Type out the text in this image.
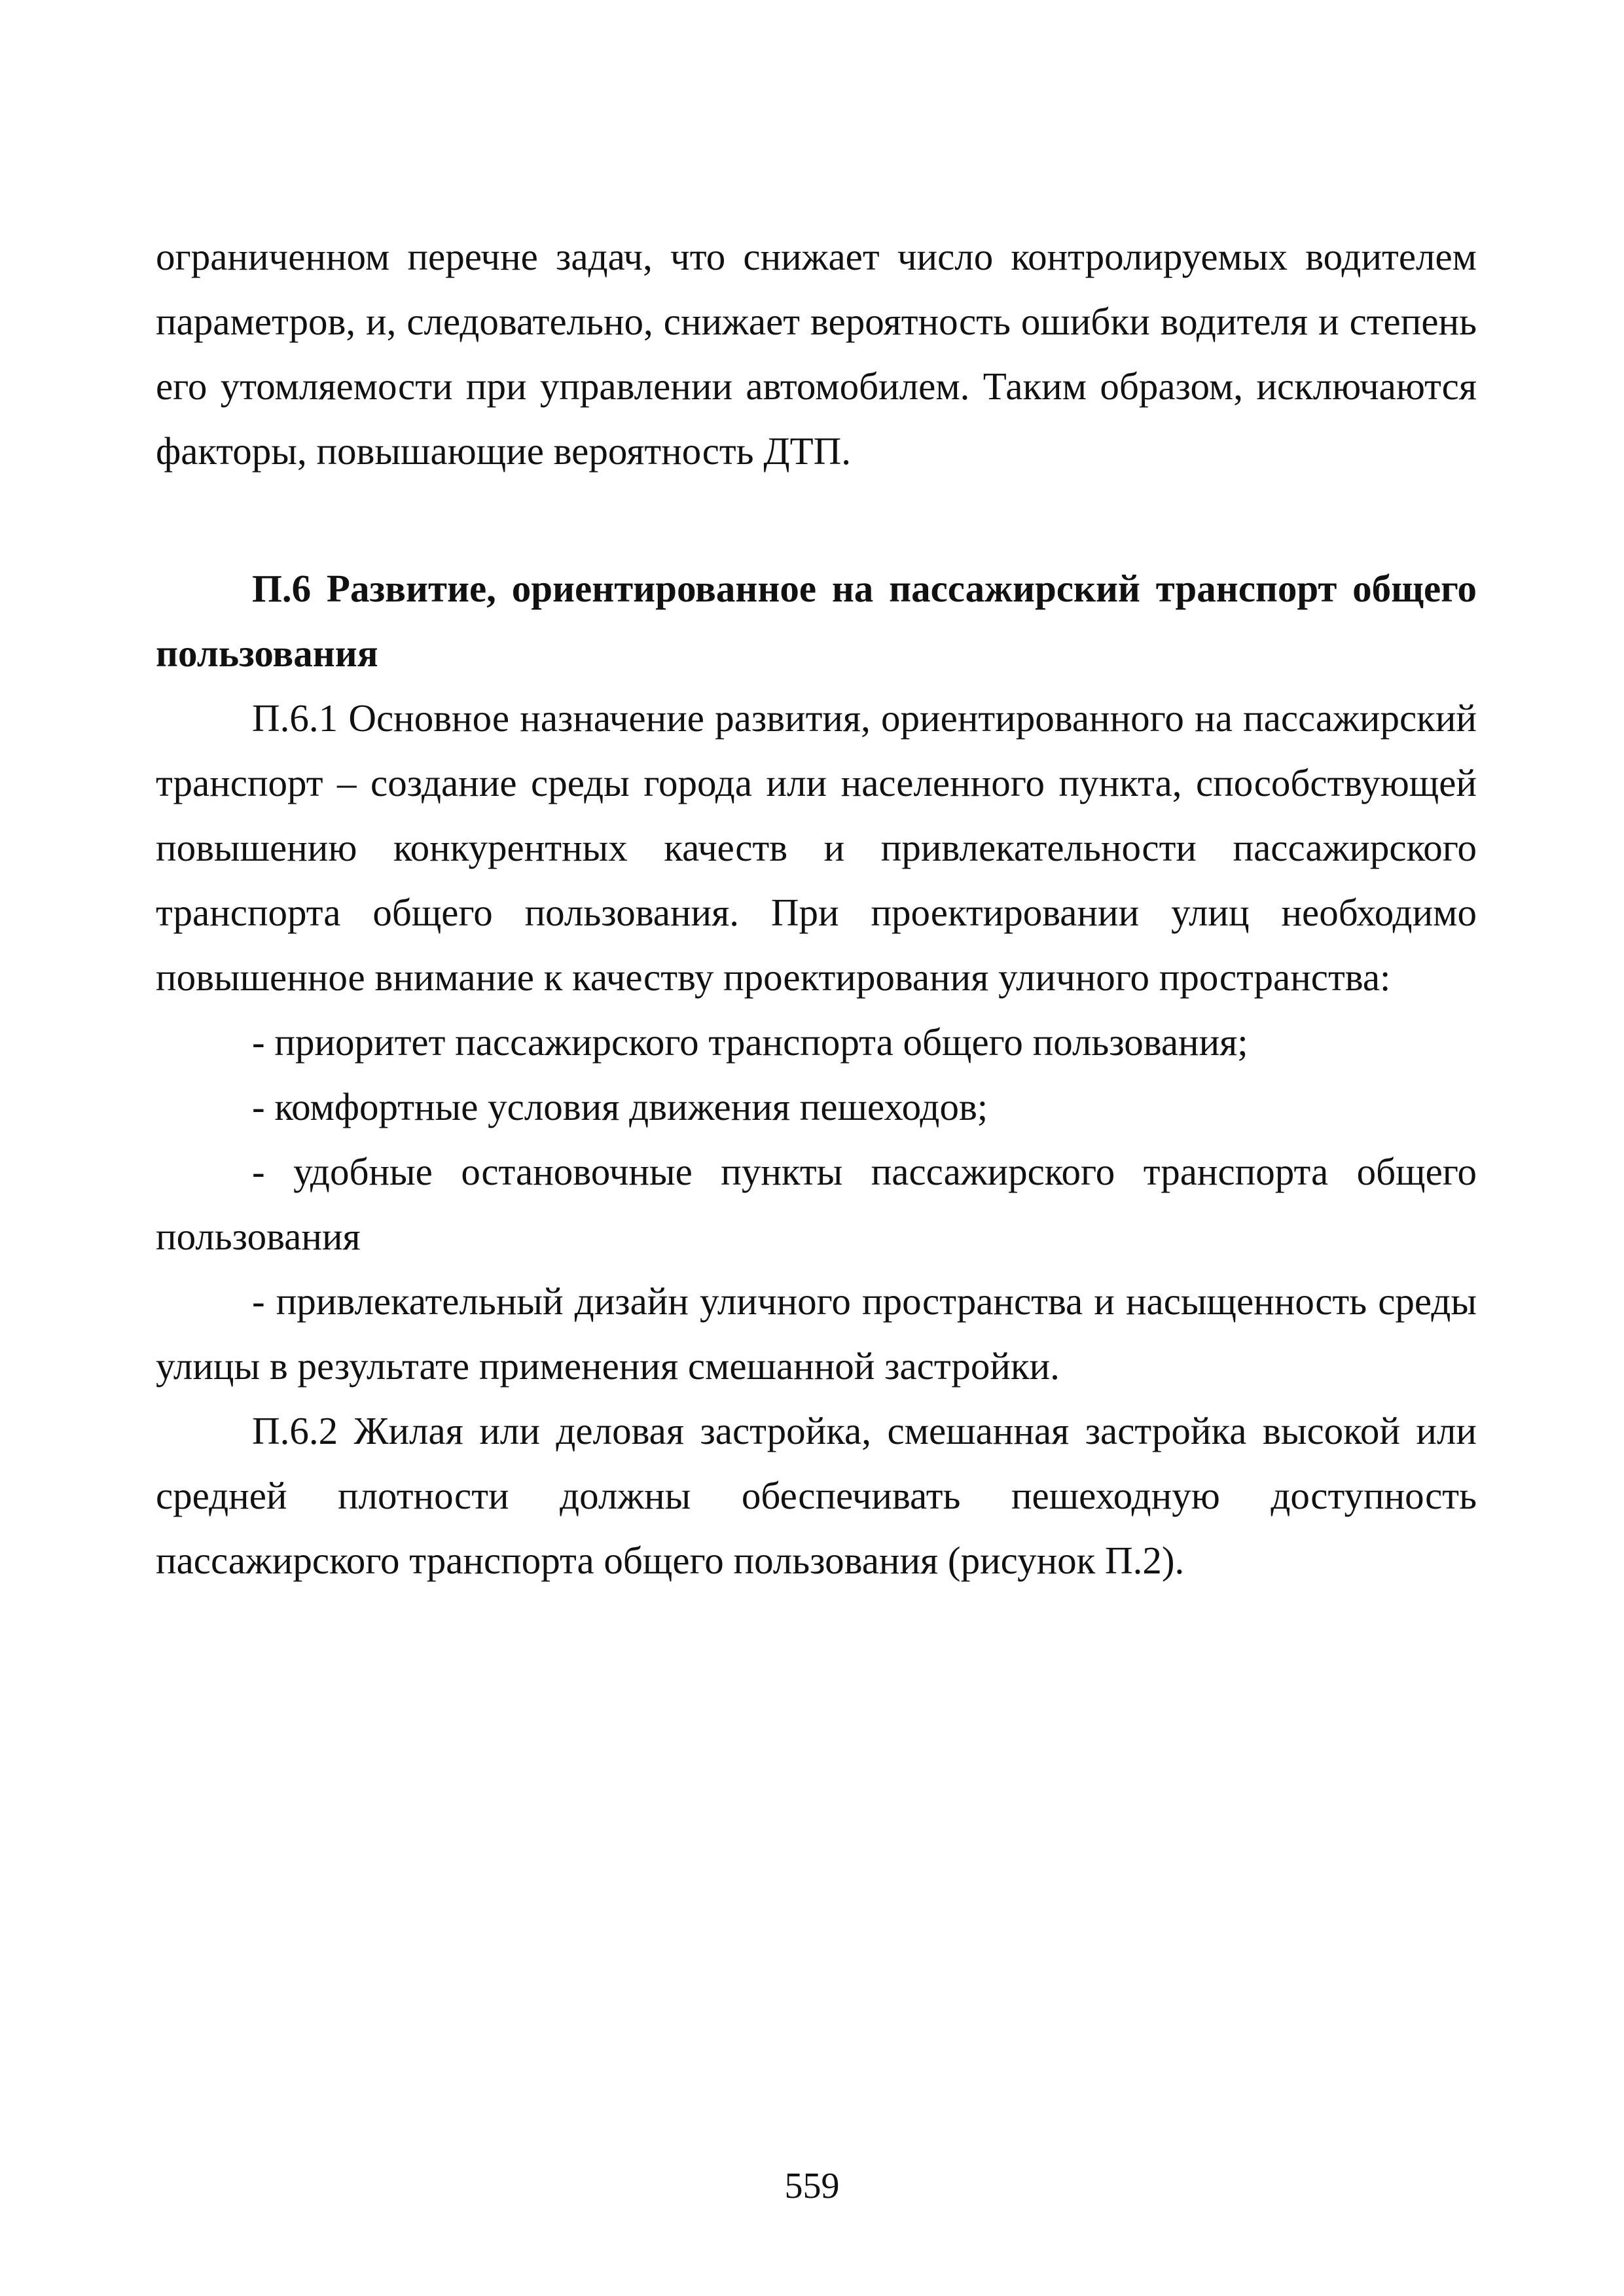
ограниченном перечне задач, что снижает число контролируемых водителем параметров, и, следовательно, снижает вероятность ошибки водителя и степень его утомляемости при управлении автомобилем. Таким образом, исключаются факторы, повышающие вероятность ДТП.

П.6 Развитие, ориентированное на пассажирский транспорт общего пользования

П.6.1 Основное назначение развития, ориентированного на пассажирский транспорт – создание среды города или населенного пункта, способствующей повышению конкурентных качеств и привлекательности пассажирского транспорта общего пользования. При проектировании улиц необходимо повышенное внимание к качеству проектирования уличного пространства:

- приоритет пассажирского транспорта общего пользования;

- комфортные условия движения пешеходов;

- удобные остановочные пункты пассажирского транспорта общего пользования

- привлекательный дизайн уличного пространства и насыщенность среды улицы в результате применения смешанной застройки.

П.6.2 Жилая или деловая застройка, смешанная застройка высокой или средней плотности должны обеспечивать пешеходную доступность пассажирского транспорта общего пользования (рисунок П.2).

559
